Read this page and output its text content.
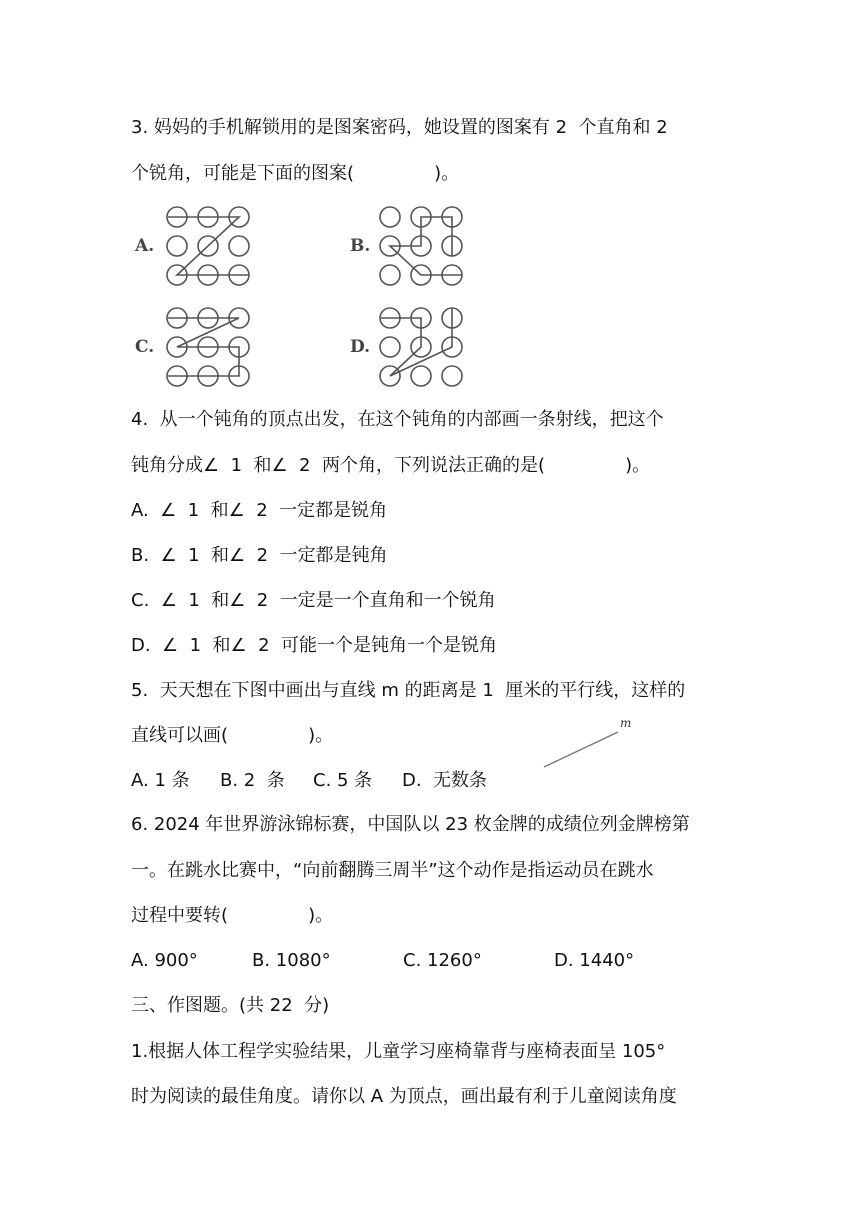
3. 妈妈的手机解锁用的是图案密码，她设置的图案有 2  个直角和 2
个锐角，可能是下面的图案(              )。
A.	B.
C.	D.
4.  从一个钝角的顶点出发，在这个钝角的内部画一条射线，把这个
钝角分成∠  1  和∠  2  两个角，下列说法正确的是(              )。
A.  ∠  1  和∠  2  一定都是锐角
B.  ∠  1  和∠  2  一定都是钝角
C.  ∠  1  和∠  2  一定是一个直角和一个锐角
D.  ∠  1  和∠  2  可能一个是钝角一个是锐角
5.  天天想在下图中画出与直线 m 的距离是 1  厘米的平行线，这样的
直线可以画(              )。
m
A. 1 条 B. 2  条 C. 5 条 D.  无数条
6. 2024 年世界游泳锦标赛，中国队以 23 枚金牌的成绩位列金牌榜第
一。在跳水比赛中，“向前翻腾三周半”这个动作是指运动员在跳水
过程中要转(              )。
A. 900°	B. 1080°	C. 1260°	D. 1440°
三、作图题。(共 22  分)
1.根据人体工程学实验结果，儿童学习座椅靠背与座椅表面呈 105°
时为阅读的最佳角度。请你以 A 为顶点，画出最有利于儿童阅读角度
